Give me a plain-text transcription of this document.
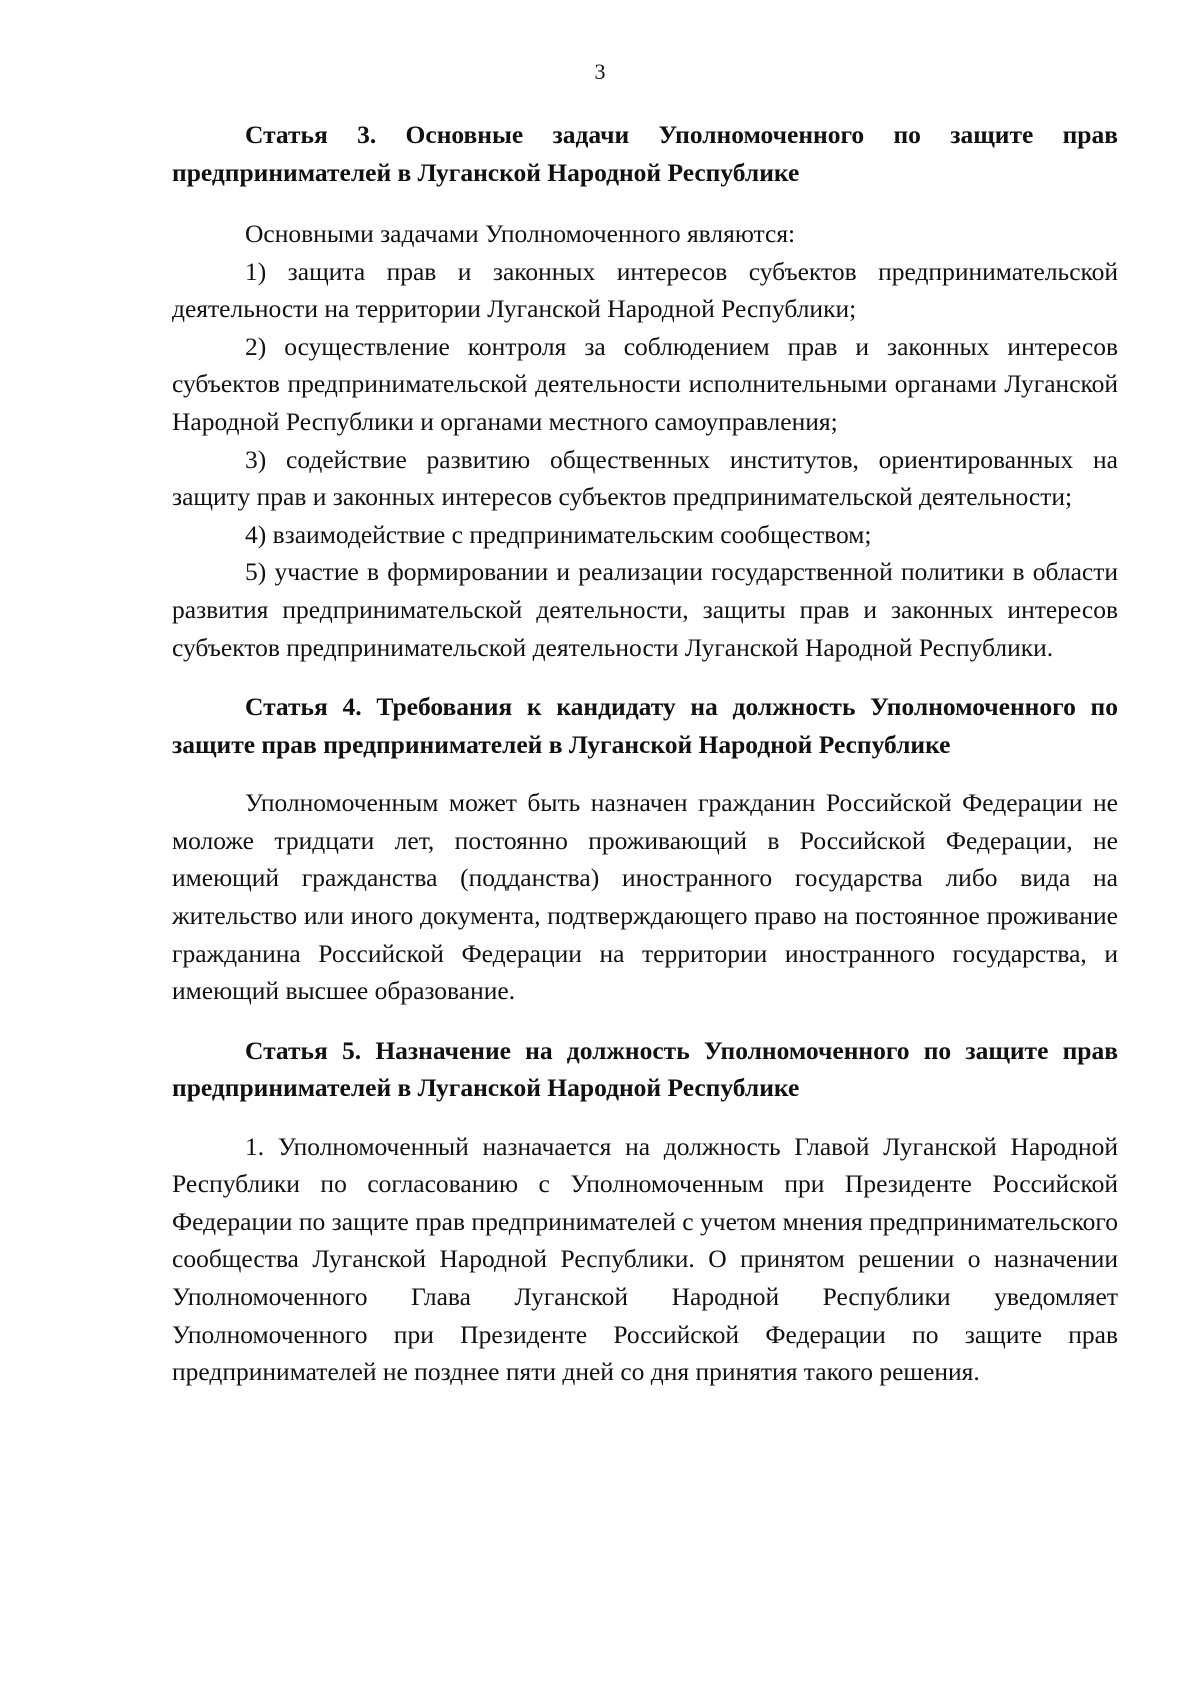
3

Статья 3. Основные задачи Уполномоченного по защите прав предпринимателей в Луганской Народной Республике

Основными задачами Уполномоченного являются:

1) защита прав и законных интересов субъектов предпринимательской деятельности на территории Луганской Народной Республики;

2) осуществление контроля за соблюдением прав и законных интересов субъектов предпринимательской деятельности исполнительными органами Луганской Народной Республики и органами местного самоуправления;

3) содействие развитию общественных институтов, ориентированных на защиту прав и законных интересов субъектов предпринимательской деятельности;

4) взаимодействие с предпринимательским сообществом;

5) участие в формировании и реализации государственной политики в области развития предпринимательской деятельности, защиты прав и законных интересов субъектов предпринимательской деятельности Луганской Народной Республики.

Статья 4. Требования к кандидату на должность Уполномоченного по защите прав предпринимателей в Луганской Народной Республике

Уполномоченным может быть назначен гражданин Российской Федерации не моложе тридцати лет, постоянно проживающий в Российской Федерации, не имеющий гражданства (подданства) иностранного государства либо вида на жительство или иного документа, подтверждающего право на постоянное проживание гражданина Российской Федерации на территории иностранного государства, и имеющий высшее образование.

Статья 5. Назначение на должность Уполномоченного по защите прав предпринимателей в Луганской Народной Республике

1. Уполномоченный назначается на должность Главой Луганской Народной Республики по согласованию с Уполномоченным при Президенте Российской Федерации по защите прав предпринимателей с учетом мнения предпринимательского сообщества Луганской Народной Республики. О принятом решении о назначении Уполномоченного Глава Луганской Народной Республики уведомляет Уполномоченного при Президенте Российской Федерации по защите прав предпринимателей не позднее пяти дней со дня принятия такого решения.
